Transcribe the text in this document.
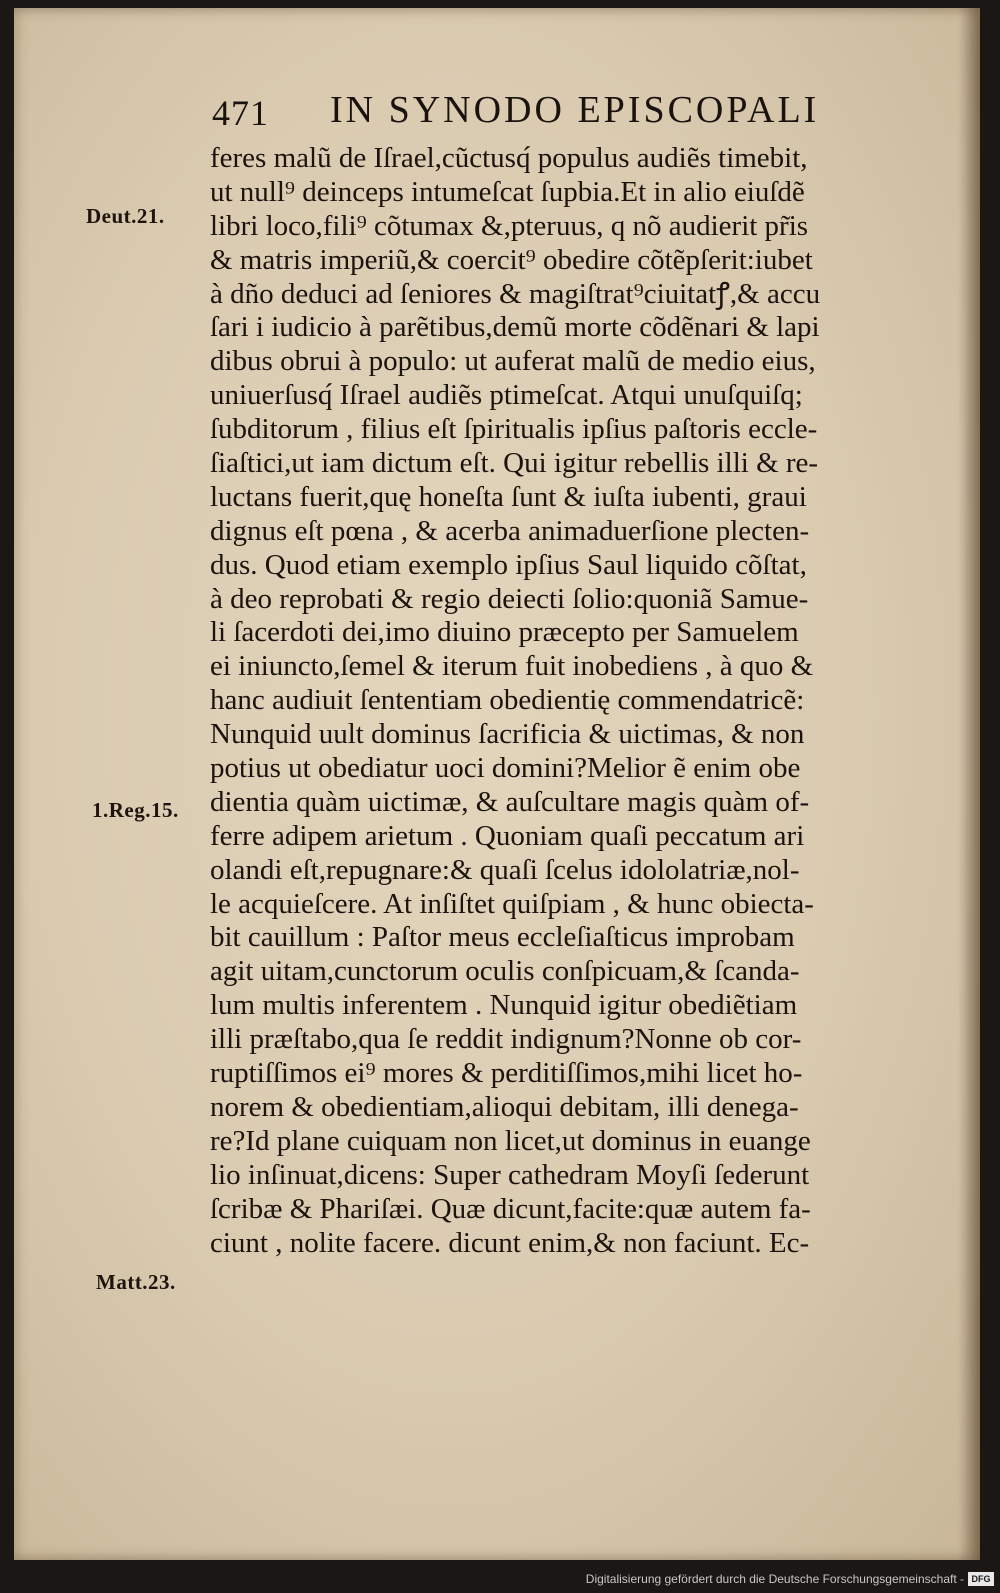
471 IN SYNODO EPISCOPALI
Deut.21.
1.Reg.15.
Matt.23.
feres malũ de Iſrael,cũctusq́ populus audiẽs timebit,
ut null⁹ deinceps intumeſcat ſupbia.Et in alio eiuſdẽ
libri loco,fili⁹ cõtumax &,pteruus, q nõ audierit pr̃is
& matris imperiũ,& coercit⁹ obedire cõtẽpſerit:iubet
à dño deduci ad ſeniores & magiſtrat⁹ciuitatꝭ,& accu
ſari i iudicio à parẽtibus,demũ morte cõdẽnari & lapi
dibus obrui à populo: ut auferat malũ de medio eius,
uniuerſusq́ Iſrael audiẽs ptimeſcat. Atqui unuſquiſq;
ſubditorum , filius eſt ſpiritualis ipſius paſtoris eccle-
ſiaſtici,ut iam dictum eſt. Qui igitur rebellis illi & re-
luctans fuerit,quę honeſta ſunt & iuſta iubenti, graui
dignus eſt pœna , & acerba animaduerſione plecten-
dus. Quod etiam exemplo ipſius Saul liquido cõſtat,
à deo reprobati & regio deiecti ſolio:quoniã Samue-
li ſacerdoti dei,imo diuino præcepto per Samuelem
ei iniuncto,ſemel & iterum fuit inobediens , à quo &
hanc audiuit ſententiam obedientię commendatricẽ:
Nunquid uult dominus ſacrificia & uictimas, & non
potius ut obediatur uoci domini?Melior ẽ enim obe
dientia quàm uictimæ, & auſcultare magis quàm of-
ferre adipem arietum . Quoniam quaſi peccatum ari
olandi eſt,repugnare:& quaſi ſcelus idololatriæ,nol-
le acquieſcere. At inſiſtet quiſpiam , & hunc obiecta-
bit cauillum : Paſtor meus eccleſiaſticus improbam
agit uitam,cunctorum oculis conſpicuam,& ſcanda-
lum multis inferentem . Nunquid igitur obediẽtiam
illi præſtabo,qua ſe reddit indignum?Nonne ob cor-
ruptiſſimos ei⁹ mores & perditiſſimos,mihi licet ho-
norem & obedientiam,alioqui debitam, illi denega-
re?Id plane cuiquam non licet,ut dominus in euange
lio inſinuat,dicens: Super cathedram Moyſi ſederunt
ſcribæ & Phariſæi. Quæ dicunt,facite:quæ autem fa-
ciunt , nolite facere. dicunt enim,& non faciunt. Ec-
Digitalisierung gefördert durch die Deutsche Forschungsgemeinschaft - DFG
